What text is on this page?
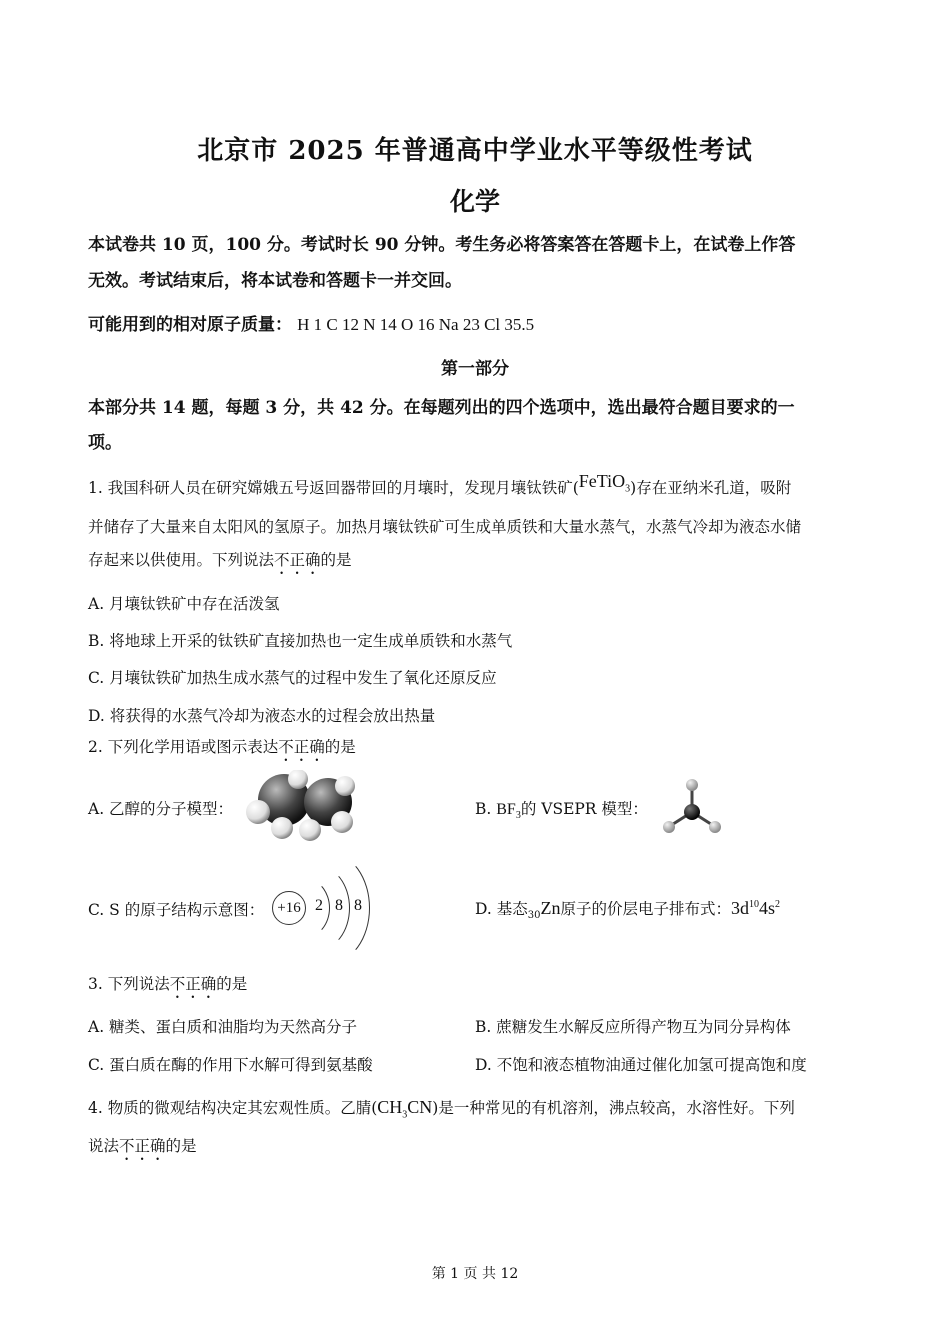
北京市 2025 年普通高中学业水平等级性考试
化学
本试卷共 10 页，100 分。考试时长 90 分钟。考生务必将答案答在答题卡上，在试卷上作答
无效。考试结束后，将本试卷和答题卡一并交回。
可能用到的相对原子质量： H 1 C 12 N 14 O 16 Na 23 Cl 35.5
第一部分
本部分共 14 题，每题 3 分，共 42 分。在每题列出的四个选项中，选出最符合题目要求的一
项。
1. 我国科研人员在研究嫦娥五号返回器带回的月壤时，发现月壤钛铁矿(FeTiO$_3$)存在亚纳米孔道，吸附
并储存了大量来自太阳风的氢原子。加热月壤钛铁矿可生成单质铁和大量水蒸气，水蒸气冷却为液态水储
存起来以供使用。下列说法不正确的是
A. 月壤钛铁矿中存在活泼氢
B. 将地球上开采的钛铁矿直接加热也一定生成单质铁和水蒸气
C. 月壤钛铁矿加热生成水蒸气的过程中发生了氧化还原反应
D. 将获得的水蒸气冷却为液态水的过程会放出热量
2. 下列化学用语或图示表达不正确的是
A. 乙醇的分子模型：	B. $BF_3$的 VSEPR 模型：
C. S 的原子结构示意图： +16 2 8 8	D. 基态$_{30}$Zn原子的价层电子排布式：$3d^{10}4s^2$
3. 下列说法不正确的是
A. 糖类、蛋白质和油脂均为天然高分子	B. 蔗糖发生水解反应所得产物互为同分异构体
C. 蛋白质在酶的作用下水解可得到氨基酸	D. 不饱和液态植物油通过催化加氢可提高饱和度
4. 物质的微观结构决定其宏观性质。乙腈$(CH_3CN)$是一种常见的有机溶剂，沸点较高，水溶性好。下列
说法不正确的是
第 1 页 共 12
